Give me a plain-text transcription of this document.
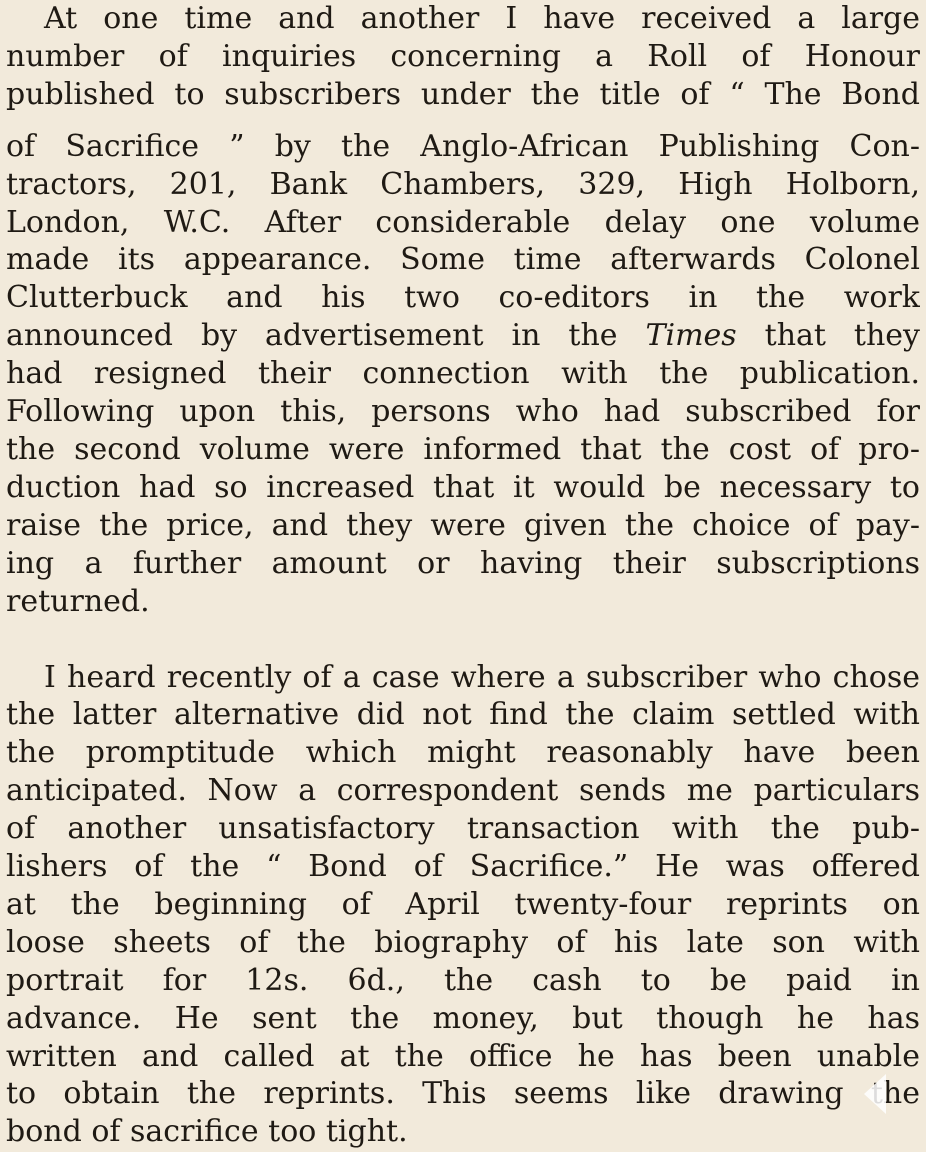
At one time and another I have received a large
number of inquiries concerning a Roll of Honour
published to subscribers under the title of “ The Bond
of Sacrifice ” by the Anglo-African Publishing Con-
tractors, 201, Bank Chambers, 329, High Holborn,
London, W.C. After considerable delay one volume
made its appearance. Some time afterwards Colonel
Clutterbuck and his two co-editors in the work
announced by advertisement in the Times that they
had resigned their connection with the publication.
Following upon this, persons who had subscribed for
the second volume were informed that the cost of pro-
duction had so increased that it would be necessary to
raise the price, and they were given the choice of pay-
ing a further amount or having their subscriptions
returned.
I heard recently of a case where a subscriber who chose
the latter alternative did not find the claim settled with
the promptitude which might reasonably have been
anticipated. Now a correspondent sends me particulars
of another unsatisfactory transaction with the pub-
lishers of the “ Bond of Sacrifice.” He was offered
at the beginning of April twenty-four reprints on
loose sheets of the biography of his late son with
portrait for 12s. 6d., the cash to be paid in
advance. He sent the money, but though he has
written and called at the office he has been unable
to obtain the reprints. This seems like drawing the
bond of sacrifice too tight.
